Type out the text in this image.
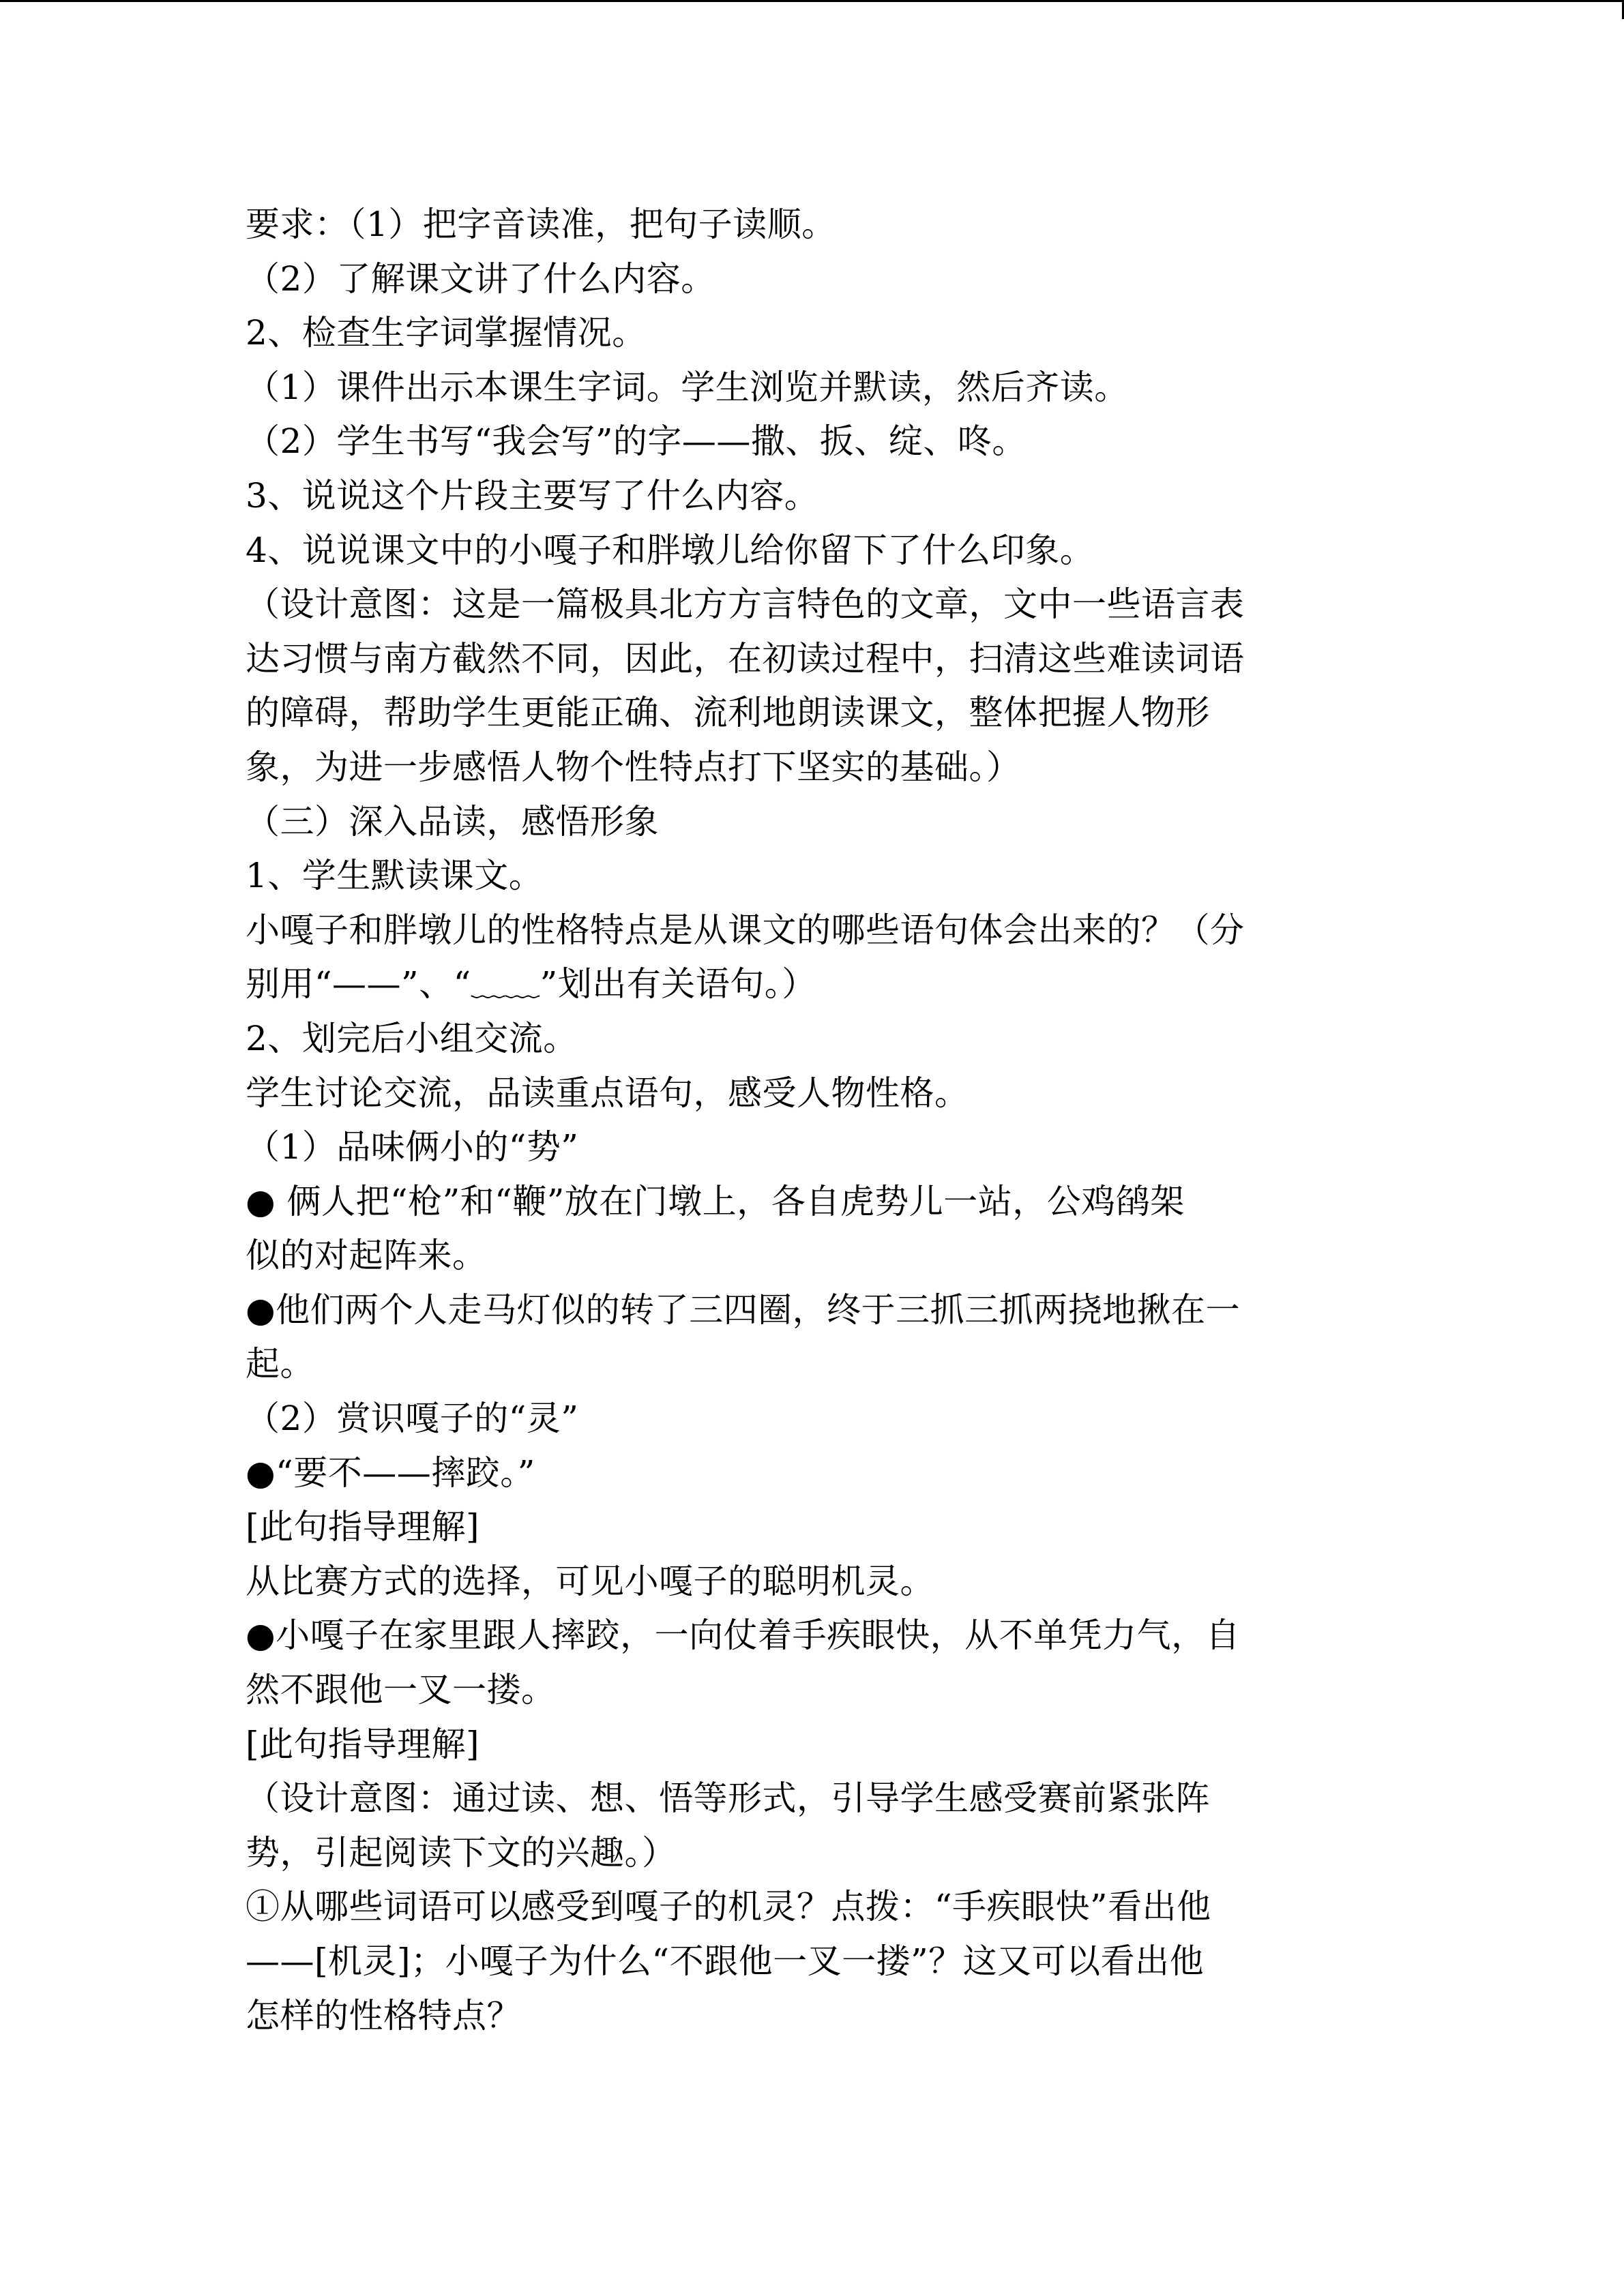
要求：（1）把字音读准，把句子读顺。
（2）了解课文讲了什么内容。
2、检查生字词掌握情况。
（1）课件出示本课生字词。学生浏览并默读，然后齐读。
（2）学生书写“我会写”的字——撒、扳、绽、咚。
3、说说这个片段主要写了什么内容。
4、说说课文中的小嘎子和胖墩儿给你留下了什么印象。
（设计意图：这是一篇极具北方方言特色的文章，文中一些语言表
达习惯与南方截然不同，因此，在初读过程中，扫清这些难读词语
的障碍，帮助学生更能正确、流利地朗读课文，整体把握人物形
象，为进一步感悟人物个性特点打下坚实的基础。）
（三）深入品读，感悟形象
1、学生默读课文。
小嘎子和胖墩儿的性格特点是从课文的哪些语句体会出来的？（分
别用“——”、“﹏﹏”划出有关语句。）
2、划完后小组交流。
学生讨论交流，品读重点语句，感受人物性格。
（1）品味俩小的“势”
● 俩人把“枪”和“鞭”放在门墩上，各自虎势儿一站，公鸡鹐架
似的对起阵来。
●他们两个人走马灯似的转了三四圈，终于三抓三抓两挠地揪在一
起。
（2）赏识嘎子的“灵”
●“要不——摔跤。”
[此句指导理解]
从比赛方式的选择，可见小嘎子的聪明机灵。
●小嘎子在家里跟人摔跤，一向仗着手疾眼快，从不单凭力气，自
然不跟他一叉一搂。
[此句指导理解]
（设计意图：通过读、想、悟等形式，引导学生感受赛前紧张阵
势，引起阅读下文的兴趣。）
①从哪些词语可以感受到嘎子的机灵？点拨：“手疾眼快”看出他
——[机灵]；小嘎子为什么“不跟他一叉一搂”？这又可以看出他
怎样的性格特点？
